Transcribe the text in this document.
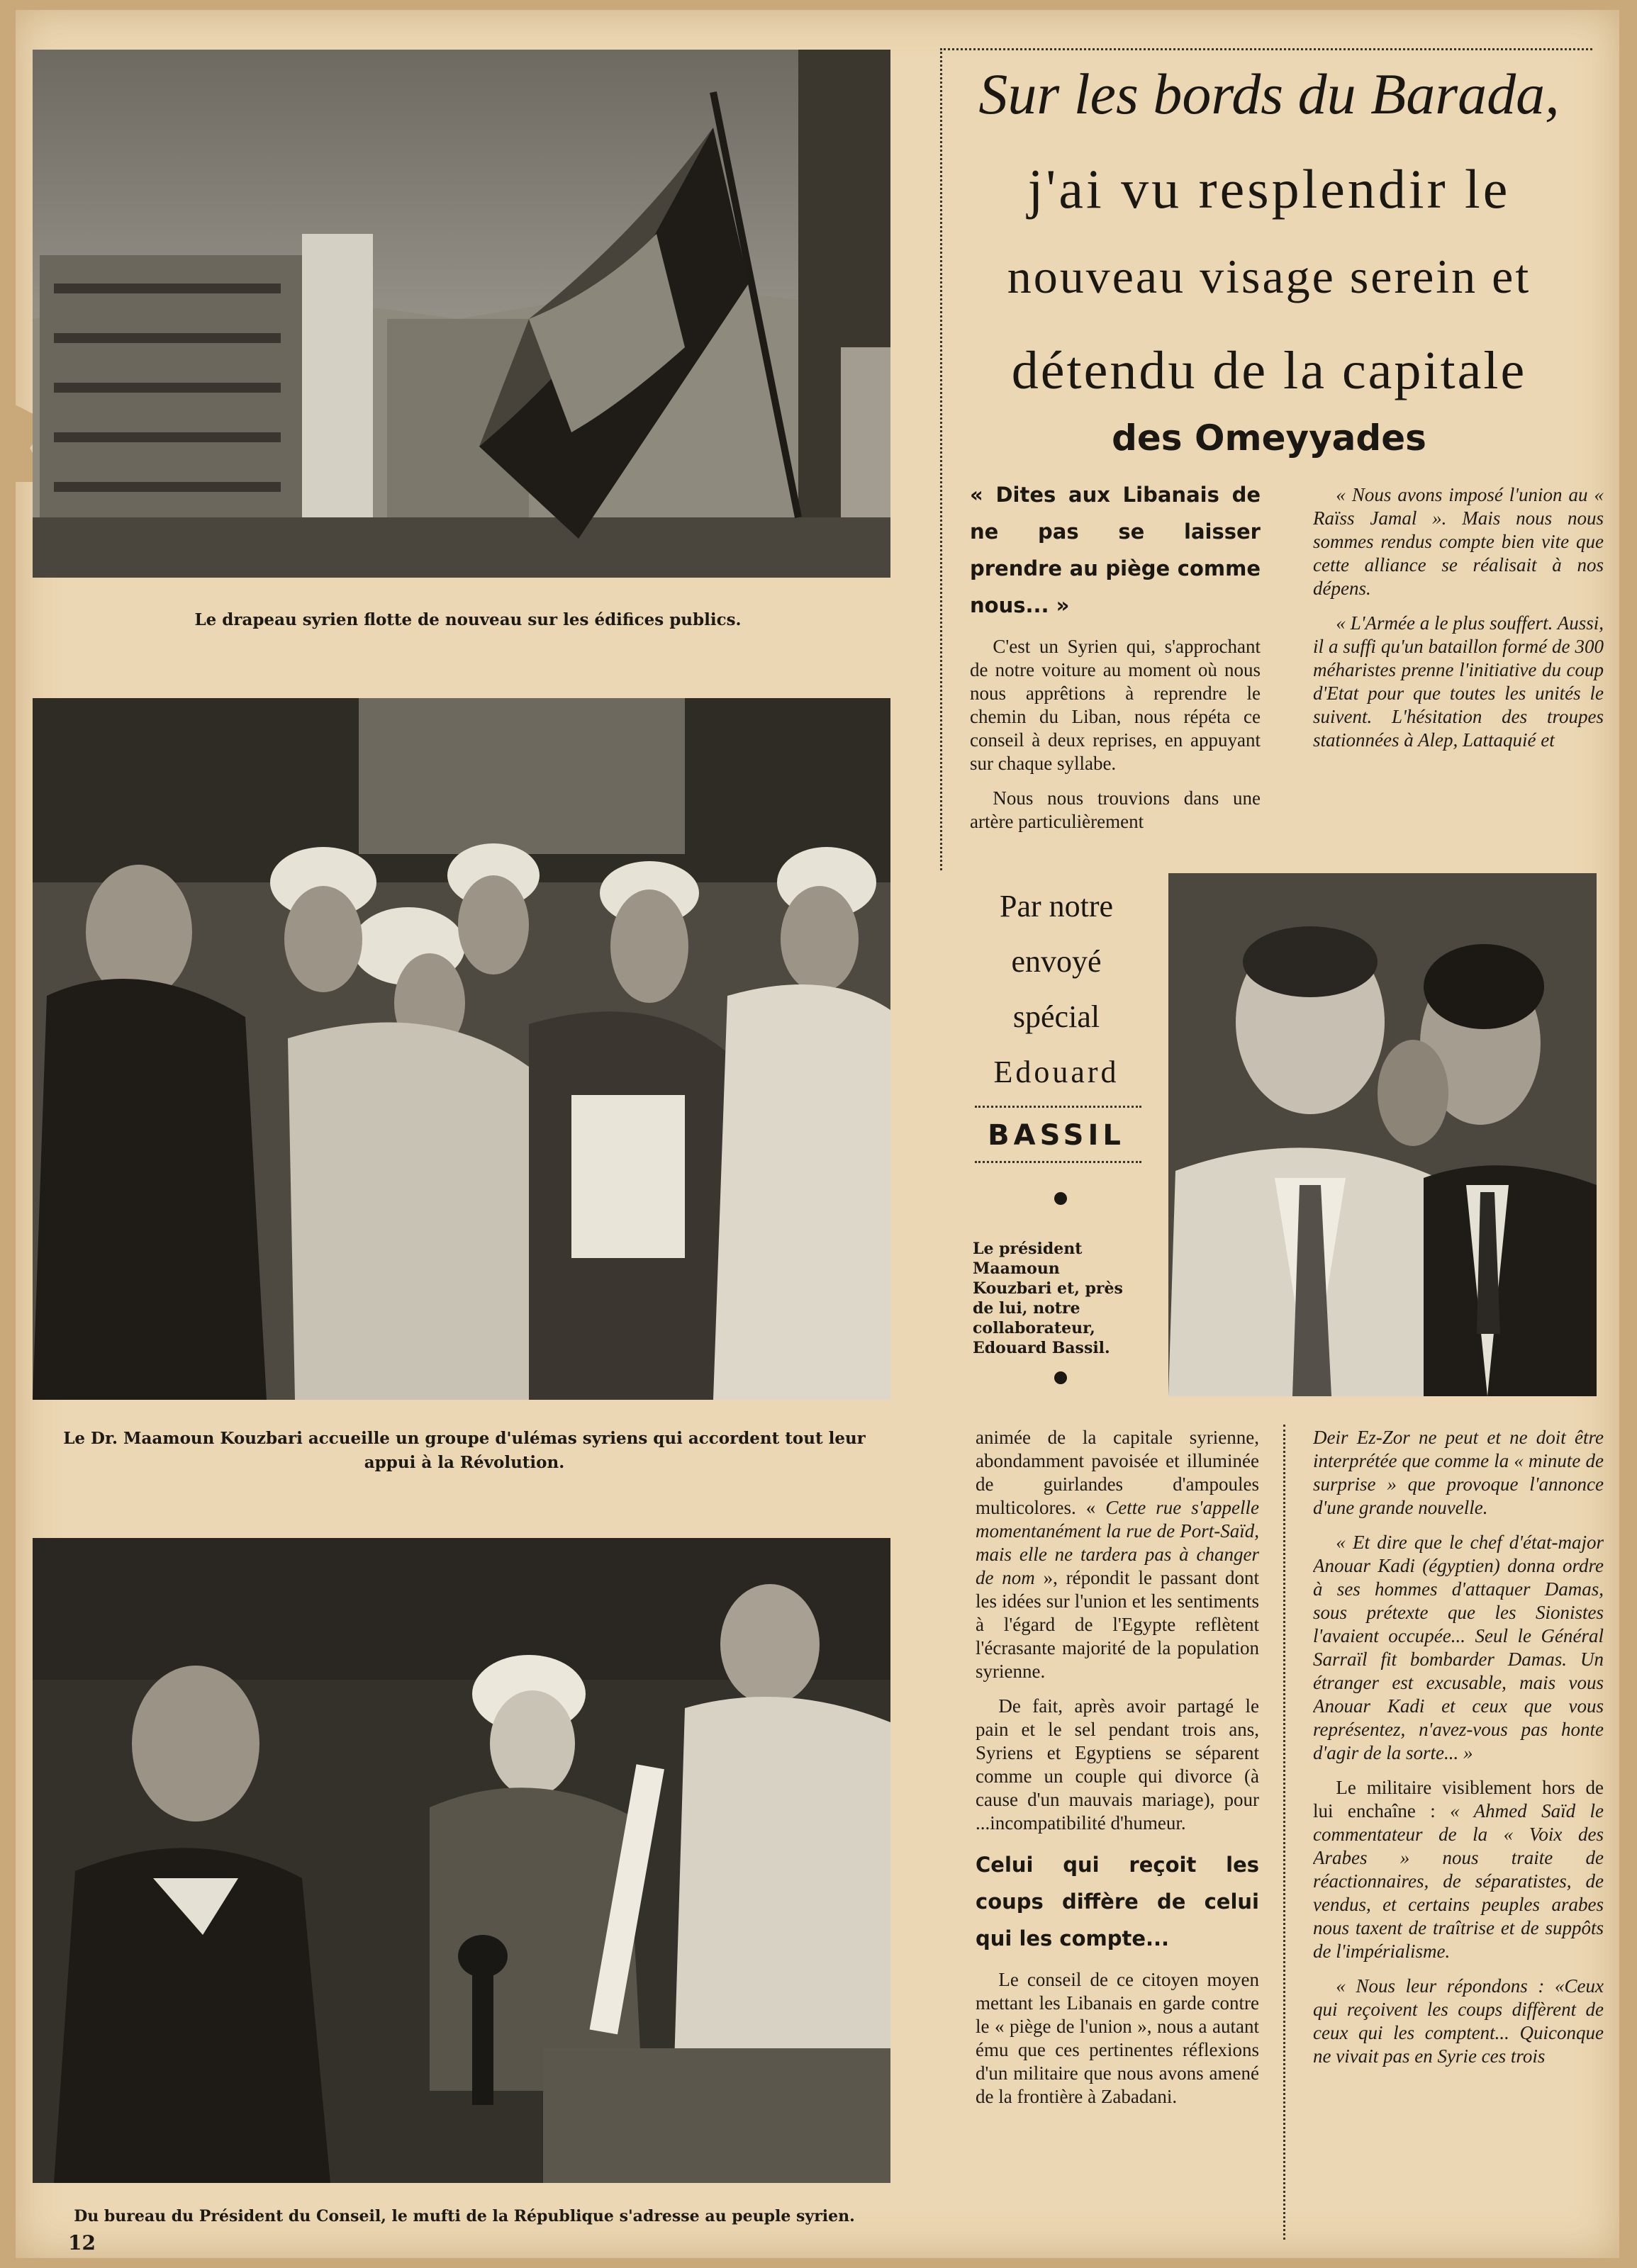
Le drapeau syrien flotte de nouveau sur les édifices publics.
Le Dr. Maamoun Kouzbari accueille un groupe d'ulémas syriens qui accordent tout leur appui à la Révolution.
Du bureau du Président du Conseil, le mufti de la République s'adresse au peuple syrien.
12
Sur les bords du Barada,
j'ai vu resplendir le
nouveau visage serein et
détendu de la capitale
des Omeyyades

« Dites aux Libanais de ne pas se laisser prendre au piège comme nous... »

C'est un Syrien qui, s'approchant de notre voiture au moment où nous nous apprêtions à reprendre le chemin du Liban, nous répéta ce conseil à deux reprises, en appuyant sur chaque syllabe.

Nous nous trouvions dans une artère particulièrement

« Nous avons imposé l'union au « Raïss Jamal ». Mais nous nous sommes rendus compte bien vite que cette alliance se réalisait à nos dépens.

« L'Armée a le plus souffert. Aussi, il a suffi qu'un bataillon formé de 300 méharistes prenne l'initiative du coup d'Etat pour que toutes les unités le suivent. L'hésitation des troupes stationnées à Alep, Lattaquié et

Par notre
envoyé
spécial
Edouard
BASSIL
Le président Maamoun Kouzbari et, près de lui, notre collaborateur, Edouard Bassil.

animée de la capitale syrienne, abondamment pavoisée et illuminée de guirlandes d'ampoules multicolores. « Cette rue s'appelle momentanément la rue de Port-Saïd, mais elle ne tardera pas à changer de nom », répondit le passant dont les idées sur l'union et les sentiments à l'égard de l'Egypte reflètent l'écrasante majorité de la population syrienne.

De fait, après avoir partagé le pain et le sel pendant trois ans, Syriens et Egyptiens se séparent comme un couple qui divorce (à cause d'un mauvais mariage), pour ...incompatibilité d'humeur.

Celui qui reçoit les coups diffère de celui qui les compte...

Le conseil de ce citoyen moyen mettant les Libanais en garde contre le « piège de l'union », nous a autant ému que ces pertinentes réflexions d'un militaire que nous avons amené de la frontière à Zabadani.

Deir Ez-Zor ne peut et ne doit être interprétée que comme la « minute de surprise » que provoque l'annonce d'une grande nouvelle.

« Et dire que le chef d'état-major Anouar Kadi (égyptien) donna ordre à ses hommes d'attaquer Damas, sous prétexte que les Sionistes l'avaient occupée... Seul le Général Sarraïl fit bombarder Damas. Un étranger est excusable, mais vous Anouar Kadi et ceux que vous représentez, n'avez-vous pas honte d'agir de la sorte... »

Le militaire visiblement hors de lui enchaîne : « Ahmed Saïd le commentateur de la « Voix des Arabes » nous traite de réactionnaires, de séparatistes, de vendus, et certains peuples arabes nous taxent de traîtrise et de suppôts de l'impérialisme.

« Nous leur répondons : «Ceux qui reçoivent les coups diffèrent de ceux qui les comptent... Quiconque ne vivait pas en Syrie ces trois
